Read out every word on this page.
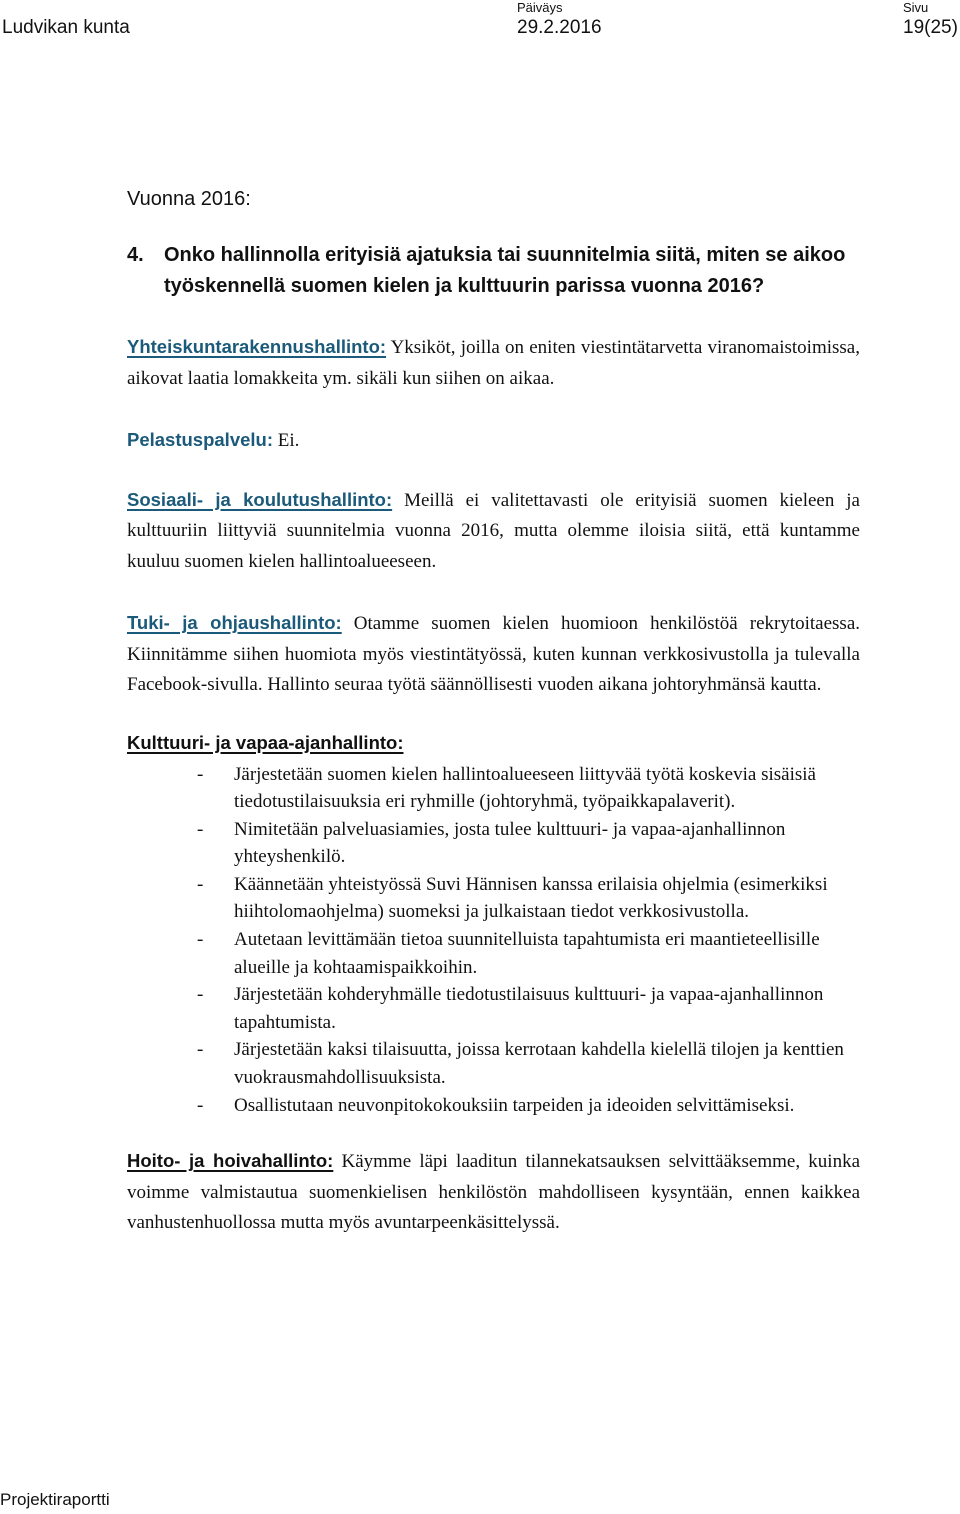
Ludvikan kunta
Päiväys
29.2.2016
Sivu
19(25)
Vuonna 2016:
4. Onko hallinnolla erityisiä ajatuksia tai suunnitelmia siitä, miten se aikoo työskennellä suomen kielen ja kulttuurin parissa vuonna 2016?

Yhteiskuntarakennushallinto: Yksiköt, joilla on eniten viestintätarvetta viranomaistoimissa, aikovat laatia lomakkeita ym. sikäli kun siihen on aikaa.

Pelastuspalvelu: Ei.

Sosiaali- ja koulutushallinto: Meillä ei valitettavasti ole erityisiä suomen kieleen ja kulttuuriin liittyviä suunnitelmia vuonna 2016, mutta olemme iloisia siitä, että kuntamme kuuluu suomen kielen hallintoalueeseen.

Tuki- ja ohjaushallinto: Otamme suomen kielen huomioon henkilöstöä rekrytoitaessa. Kiinnitämme siihen huomiota myös viestintätyössä, kuten kunnan verkkosivustolla ja tulevalla Facebook-sivulla. Hallinto seuraa työtä säännöllisesti vuoden aikana johtoryhmänsä kautta.

Kulttuuri- ja vapaa-ajanhallinto:
- Järjestetään suomen kielen hallintoalueeseen liittyvää työtä koskevia sisäisiä tiedotustilaisuuksia eri ryhmille (johtoryhmä, työpaikkapalaverit).
- Nimitetään palveluasiamies, josta tulee kulttuuri- ja vapaa-ajanhallinnon yhteyshenkilö.
- Käännetään yhteistyössä Suvi Hännisen kanssa erilaisia ohjelmia (esimerkiksi hiihtolomaohjelma) suomeksi ja julkaistaan tiedot verkkosivustolla.
- Autetaan levittämään tietoa suunnitelluista tapahtumista eri maantieteellisille alueille ja kohtaamispaikkoihin.
- Järjestetään kohderyhmälle tiedotustilaisuus kulttuuri- ja vapaa-ajanhallinnon tapahtumista.
- Järjestetään kaksi tilaisuutta, joissa kerrotaan kahdella kielellä tilojen ja kenttien vuokrausmahdollisuuksista.
- Osallistutaan neuvonpitokokouksiin tarpeiden ja ideoiden selvittämiseksi.

Hoito- ja hoivahallinto: Käymme läpi laaditun tilannekatsauksen selvittääksemme, kuinka voimme valmistautua suomenkielisen henkilöstön mahdolliseen kysyntään, ennen kaikkea vanhustenhuollossa mutta myös avuntarpeenkäsittelyssä.

Projektiraportti
